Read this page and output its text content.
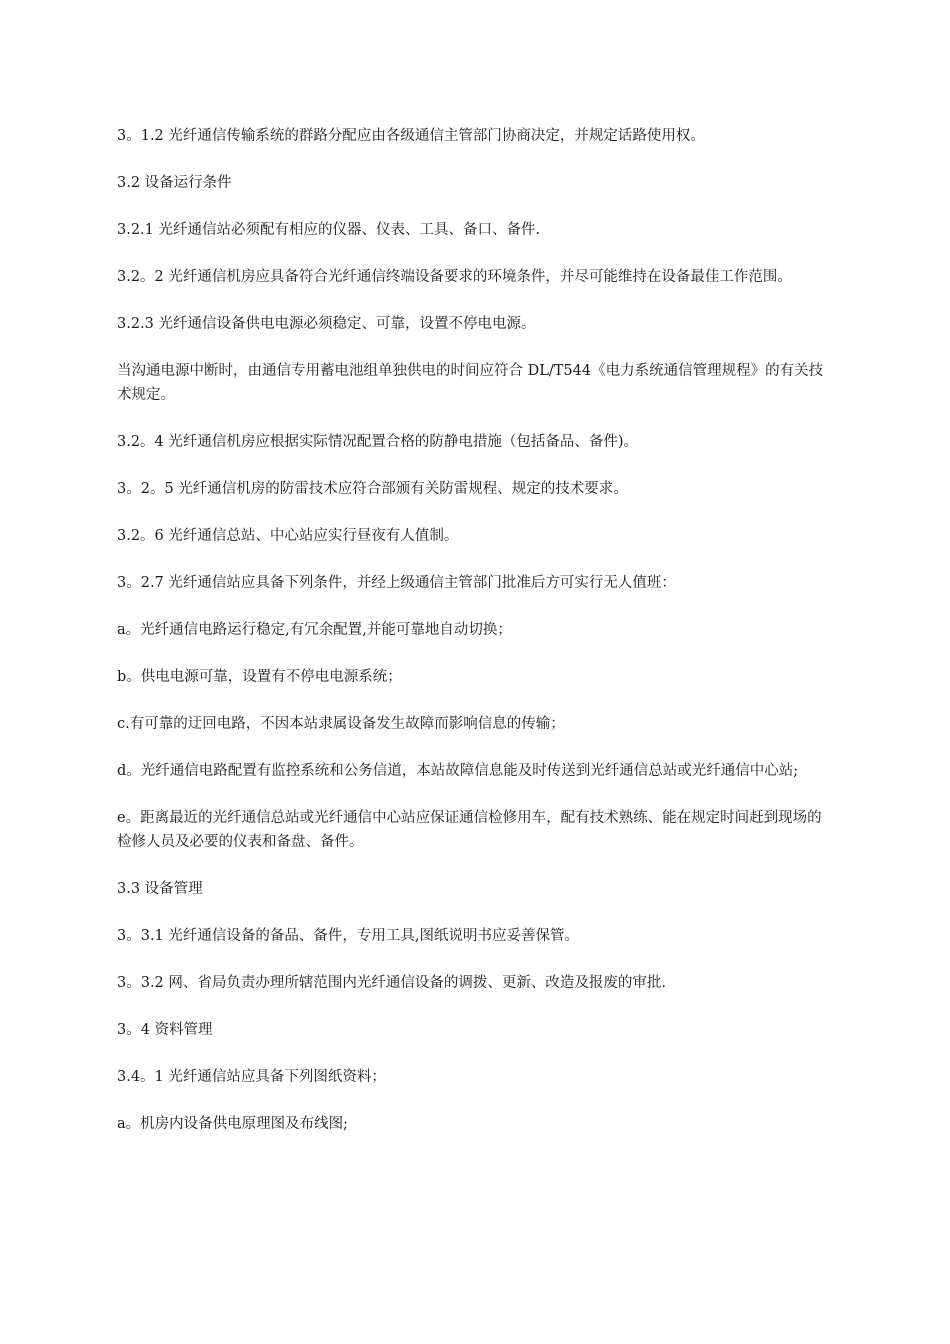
3。1.2 光纤通信传输系统的群路分配应由各级通信主管部门协商决定，并规定话路使用权。

3.2 设备运行条件

3.2.1 光纤通信站必须配有相应的仪器、仪表、工具、备口、备件.

3.2。2 光纤通信机房应具备符合光纤通信终端设备要求的环境条件，并尽可能维持在设备最佳工作范围。

3.2.3 光纤通信设备供电电源必须稳定、可靠，设置不停电电源。

当沟通电源中断时，由通信专用蓄电池组单独供电的时间应符合 DL/T544《电力系统通信管理规程》的有关技术规定。

3.2。4 光纤通信机房应根据实际情况配置合格的防静电措施（包括备品、备件)。

3。2。5 光纤通信机房的防雷技术应符合部颁有关防雷规程、规定的技术要求。

3.2。6 光纤通信总站、中心站应实行昼夜有人值制。

3。2.7 光纤通信站应具备下列条件，并经上级通信主管部门批准后方可实行无人值班：

a。光纤通信电路运行稳定,有冗余配置,并能可靠地自动切换；

b。供电电源可靠，设置有不停电电源系统；

c.有可靠的迂回电路，不因本站隶属设备发生故障而影响信息的传输；

d。光纤通信电路配置有监控系统和公务信道，本站故障信息能及时传送到光纤通信总站或光纤通信中心站;

e。距离最近的光纤通信总站或光纤通信中心站应保证通信检修用车，配有技术熟练、能在规定时间赶到现场的检修人员及必要的仪表和备盘、备件。

3.3 设备管理

3。3.1 光纤通信设备的备品、备件，专用工具,图纸说明书应妥善保管。

3。3.2 网、省局负责办理所辖范围内光纤通信设备的调拨、更新、改造及报废的审批.

3。4 资料管理

3.4。1 光纤通信站应具备下列图纸资料；

a。机房内设备供电原理图及布线图;
